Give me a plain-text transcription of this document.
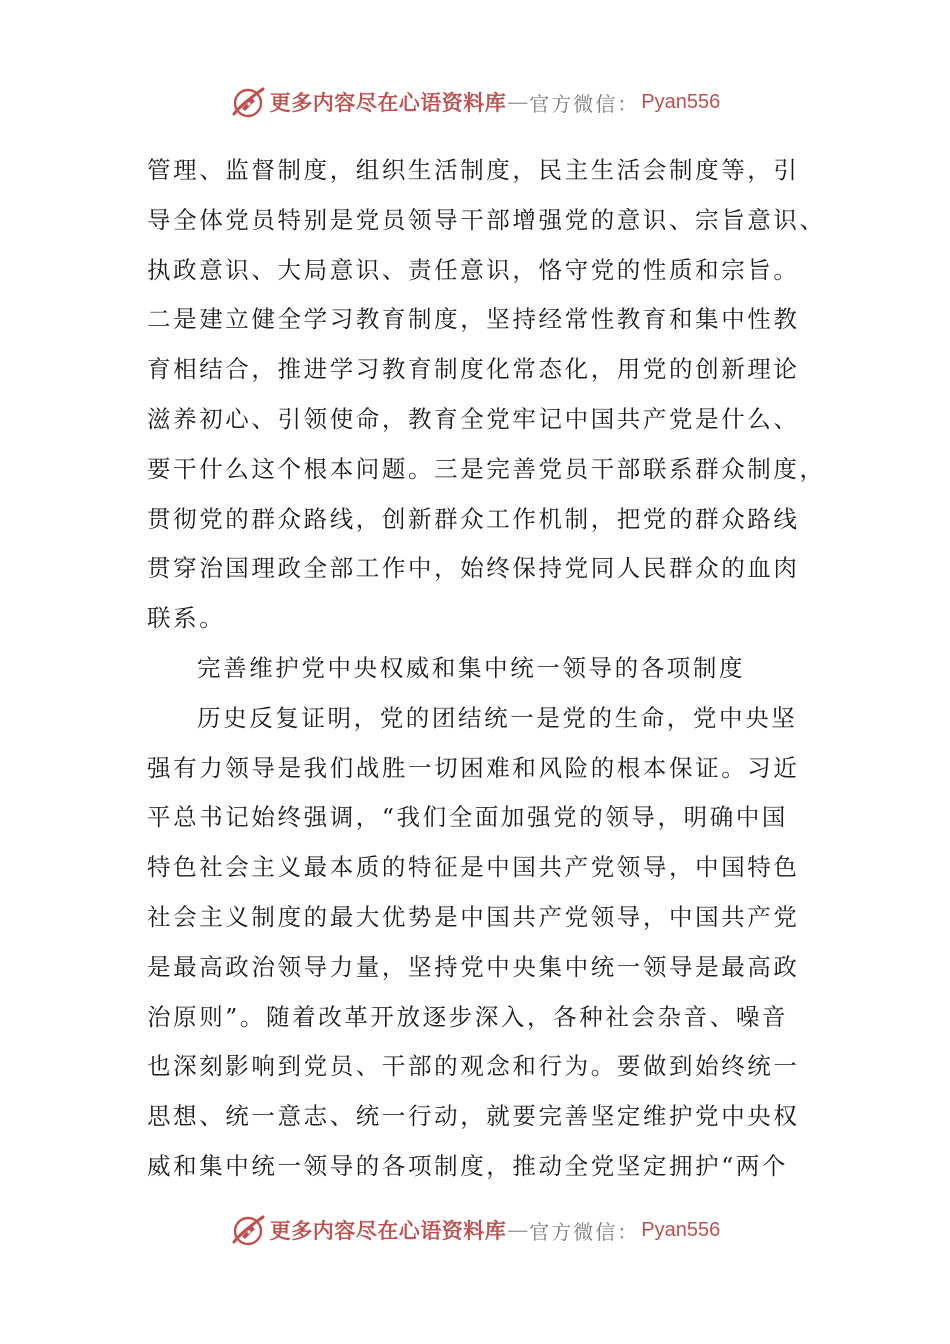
更多内容尽在心语资料库 — 官方微信： Pyan556
管理、监督制度，组织生活制度，民主生活会制度等，引
导全体党员特别是党员领导干部增强党的意识、宗旨意识、
执政意识、大局意识、责任意识，恪守党的性质和宗旨。
二是建立健全学习教育制度，坚持经常性教育和集中性教
育相结合，推进学习教育制度化常态化，用党的创新理论
滋养初心、引领使命，教育全党牢记中国共产党是什么、
要干什么这个根本问题。三是完善党员干部联系群众制度，
贯彻党的群众路线，创新群众工作机制，把党的群众路线
贯穿治国理政全部工作中，始终保持党同人民群众的血肉
联系。
完善维护党中央权威和集中统一领导的各项制度
历史反复证明，党的团结统一是党的生命，党中央坚
强有力领导是我们战胜一切困难和风险的根本保证。习近
平总书记始终强调，“我们全面加强党的领导，明确中国
特色社会主义最本质的特征是中国共产党领导，中国特色
社会主义制度的最大优势是中国共产党领导，中国共产党
是最高政治领导力量，坚持党中央集中统一领导是最高政
治原则”。随着改革开放逐步深入，各种社会杂音、噪音
也深刻影响到党员、干部的观念和行为。要做到始终统一
思想、统一意志、统一行动，就要完善坚定维护党中央权
威和集中统一领导的各项制度，推动全党坚定拥护“两个
更多内容尽在心语资料库 — 官方微信： Pyan556
